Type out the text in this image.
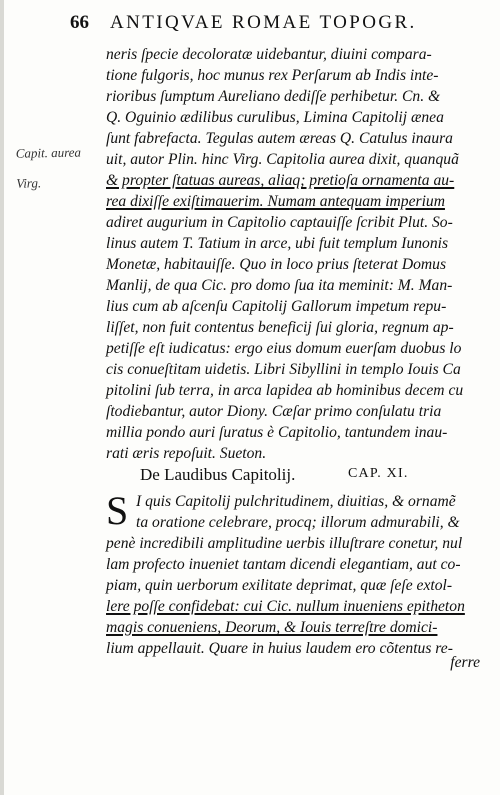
66 ANTIQVAE ROMAE TOPOGR.
Capit. aurea
Virg.
neris ſpecie decoloratæ uidebantur, diuini compara-
tione fulgoris, hoc munus rex Perſarum ab Indis inte-
rioribus ſumptum Aureliano dediſſe perhibetur. Cn. &
Q. Oguinio ædilibus curulibus, Limina Capitolij ænea
ſunt fabrefacta. Tegulas autem æreas Q. Catulus inaura
uit, autor Plin. hinc Virg. Capitolia aurea dixit, quanquã
& propter ſtatuas aureas, aliaq; pretioſa ornamenta au-
rea dixiſſe exiſtimauerim. Numam antequam imperium
adiret augurium in Capitolio captauiſſe ſcribit Plut. So-
linus autem T. Tatium in arce, ubi fuit templum Iunonis
Monetæ, habitauiſſe. Quo in loco prius ſteterat Domus
Manlij, de qua Cic. pro domo ſua ita meminit: M. Man-
lius cum ab aſcenſu Capitolij Gallorum impetum repu-
liſſet, non fuit contentus beneficij ſui gloria, regnum ap-
petiſſe eſt iudicatus: ergo eius domum euerſam duobus lo
cis conueſtitam uidetis. Libri Sibyllini in templo Iouis Ca
pitolini ſub terra, in arca lapidea ab hominibus decem cu
ſtodiebantur, autor Diony. Cæſar primo conſulatu tria
millia pondo auri ſuratus è Capitolio, tantundem inau-
rati æris repoſuit. Sueton.
De Laudibus Capitolij.	CAP. XI.
S I quis Capitolij pulchritudinem, diuitias, & ornamẽ
ta oratione celebrare, procq; illorum admurabili, &
penè incredibili amplitudine uerbis illuſtrare conetur, nul
lam profecto inueniet tantam dicendi elegantiam, aut co-
piam, quin uerborum exilitate deprimat, quæ ſeſe extol-
lere poſſe confidebat: cui Cic. nullum inueniens epitheton
magis conueniens, Deorum, & Iouis terreſtre domici-
lium appellauit. Quare in huius laudem ero cõtentus re-
ferre
